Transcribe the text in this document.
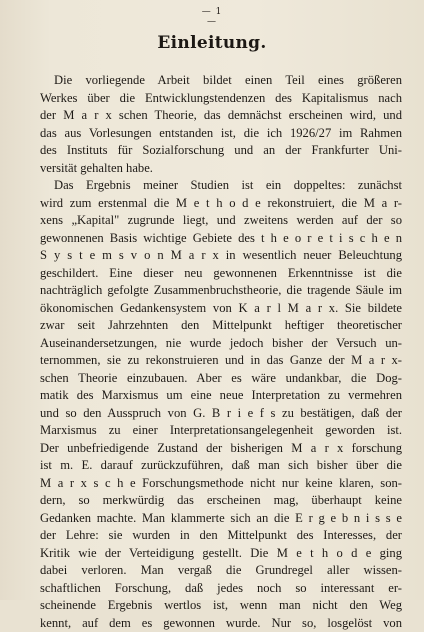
— 1 —
Einleitung.
Die vorliegende Arbeit bildet einen Teil eines größeren
Werkes über die Entwicklungstendenzen des Kapitalismus nach
der M a r x schen Theorie, das demnächst erscheinen wird, und
das aus Vorlesungen entstanden ist, die ich 1926/27 im Rahmen
des Instituts für Sozialforschung und an der Frankfurter Uni-
versität gehalten habe.
Das Ergebnis meiner Studien ist ein doppeltes: zunächst
wird zum erstenmal die M e t h o d e rekonstruiert, die M a r-
xens „Kapital" zugrunde liegt, und zweitens werden auf der so
gewonnenen Basis wichtige Gebiete des t h e o r e t i s c h e n
S y s t e m s v o n M a r x in wesentlich neuer Beleuchtung
geschildert. Eine dieser neu gewonnenen Erkenntnisse ist die
nachträglich gefolgte Zusammenbruchstheorie, die tragende Säule im
ökonomischen Gedankensystem von K a r l M a r x. Sie bildete
zwar seit Jahrzehnten den Mittelpunkt heftiger theoretischer
Auseinandersetzungen, nie wurde jedoch bisher der Versuch un-
ternommen, sie zu rekonstruieren und in das Ganze der M a r x-
schen Theorie einzubauen. Aber es wäre undankbar, die Dog-
matik des Marxismus um eine neue Interpretation zu vermehren
und so den Ausspruch von G. B r i e f s zu bestätigen, daß der
Marxismus zu einer Interpretationsangelegenheit geworden ist.
Der unbefriedigende Zustand der bisherigen M a r x forschung
ist m. E. darauf zurückzuführen, daß man sich bisher über die
M a r x s c h e Forschungsmethode nicht nur keine klaren, son-
dern, so merkwürdig das erscheinen mag, überhaupt keine
Gedanken machte. Man klammerte sich an die E r g e b n i s s e
der Lehre: sie wurden in den Mittelpunkt des Interesses, der
Kritik wie der Verteidigung gestellt. Die M e t h o d e ging
dabei verloren. Man vergaß die Grundregel aller wissen-
schaftlichen Forschung, daß jedes noch so interessant er-
scheinende Ergebnis wertlos ist, wenn man nicht den Weg
kennt, auf dem es gewonnen wurde. Nur so, losgelöst von
